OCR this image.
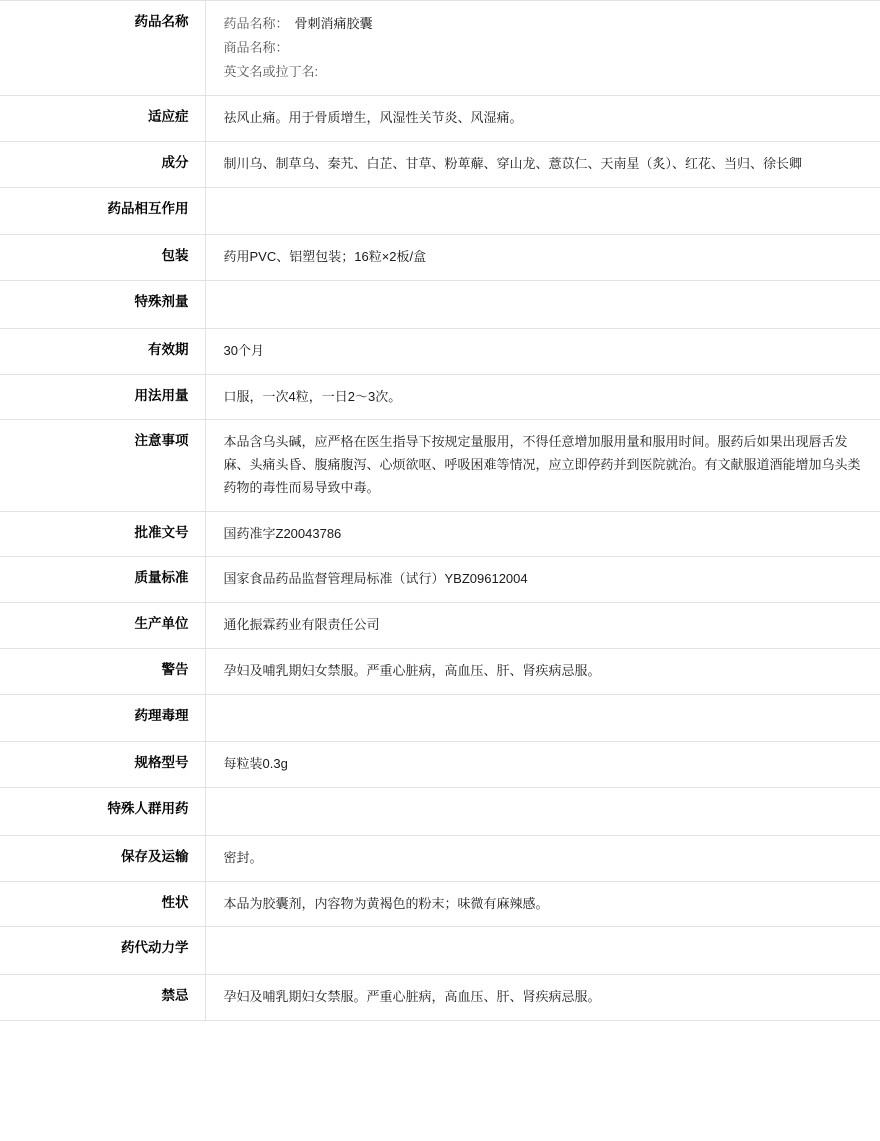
药品名称	药品名称： 骨刺消痛胶囊
商品名称：
英文名或拉丁名:

适应症	祛风止痛。用于骨质增生，风湿性关节炎、风湿痛。
成分	制川乌、制草乌、秦艽、白芷、甘草、粉萆薢、穿山龙、薏苡仁、天南星（炙）、红花、当归、徐长卿
药品相互作用	
包装	药用PVC、铝塑包装；16粒×2板/盒
特殊剂量	
有效期	30个月
用法用量	口服，一次4粒，一日2～3次。
注意事项	本品含乌头碱，应严格在医生指导下按规定量服用，不得任意增加服用量和服用时间。服药后如果出现唇舌发麻、头痛头昏、腹痛腹泻、心烦欲呕、呼吸困难等情况，应立即停药并到医院就治。有文献服道酒能增加乌头类药物的毒性而易导致中毒。
批准文号	国药准字Z20043786
质量标准	国家食品药品监督管理局标准（试行）YBZ09612004
生产单位	通化振霖药业有限责任公司
警告	孕妇及哺乳期妇女禁服。严重心脏病，高血压、肝、肾疾病忌服。
药理毒理	
规格型号	每粒装0.3g
特殊人群用药	
保存及运输	密封。
性状	本品为胶囊剂，内容物为黄褐色的粉末；味微有麻辣感。
药代动力学	
禁忌	孕妇及哺乳期妇女禁服。严重心脏病，高血压、肝、肾疾病忌服。
